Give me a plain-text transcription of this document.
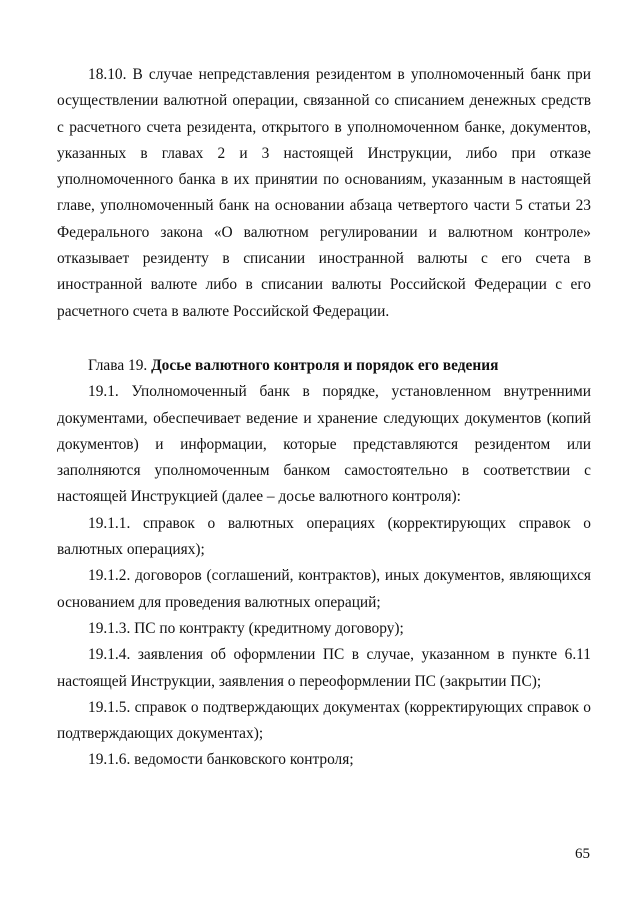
18.10. В случае непредставления резидентом в уполномоченный банк при осуществлении валютной операции, связанной со списанием денежных средств с расчетного счета резидента, открытого в уполномоченном банке, документов, указанных в главах 2 и 3 настоящей Инструкции, либо при отказе уполномоченного банка в их принятии по основаниям, указанным в настоящей главе, уполномоченный банк на основании абзаца четвертого части 5 статьи 23 Федерального закона «О валютном регулировании и валютном контроле» отказывает резиденту в списании иностранной валюты с его счета в иностранной валюте либо в списании валюты Российской Федерации с его расчетного счета в валюте Российской Федерации.

Глава 19. Досье валютного контроля и порядок его ведения

19.1. Уполномоченный банк в порядке, установленном внутренними документами, обеспечивает ведение и хранение следующих документов (копий документов) и информации, которые представляются резидентом или заполняются уполномоченным банком самостоятельно в соответствии с настоящей Инструкцией (далее – досье валютного контроля):

19.1.1. справок о валютных операциях (корректирующих справок о валютных операциях);

19.1.2. договоров (соглашений, контрактов), иных документов, являющихся основанием для проведения валютных операций;

19.1.3. ПС по контракту (кредитному договору);

19.1.4. заявления об оформлении ПС в случае, указанном в пункте 6.11 настоящей Инструкции, заявления о переоформлении ПС (закрытии ПС);

19.1.5. справок о подтверждающих документах (корректирующих справок о подтверждающих документах);

19.1.6. ведомости банковского контроля;

65
